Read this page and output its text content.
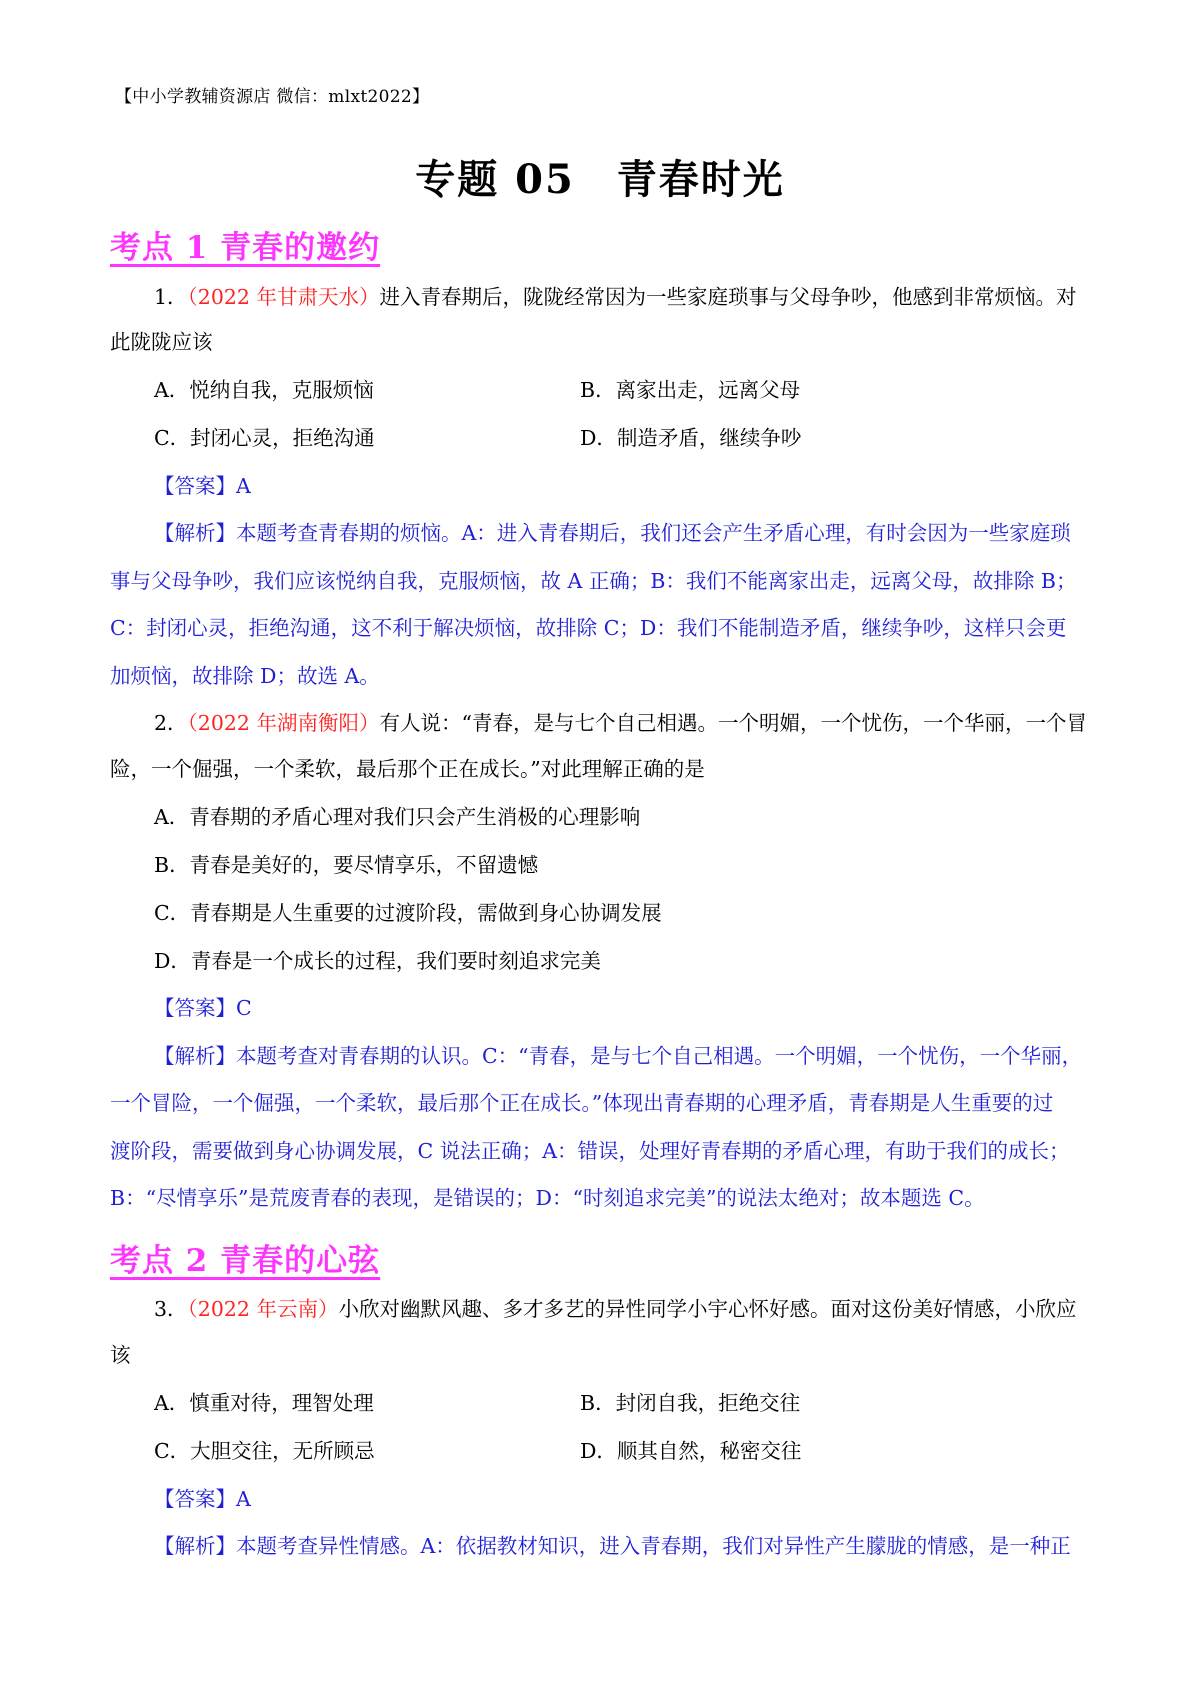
【中小学教辅资源店 微信：mlxt2022】
专题 05　青春时光
考点 1 青春的邀约
1．（2022 年甘肃天水）进入青春期后，陇陇经常因为一些家庭琐事与父母争吵，他感到非常烦恼。对
此陇陇应该
A．悦纳自我，克服烦恼	B．离家出走，远离父母
C．封闭心灵，拒绝沟通	D．制造矛盾，继续争吵
【答案】A
【解析】本题考查青春期的烦恼。A：进入青春期后，我们还会产生矛盾心理，有时会因为一些家庭琐
事与父母争吵，我们应该悦纳自我，克服烦恼，故 A 正确；B：我们不能离家出走，远离父母，故排除 B；
C：封闭心灵，拒绝沟通，这不利于解决烦恼，故排除 C；D：我们不能制造矛盾，继续争吵，这样只会更
加烦恼，故排除 D；故选 A。
2．（2022 年湖南衡阳）有人说：“青春，是与七个自己相遇。一个明媚，一个忧伤，一个华丽，一个冒
险，一个倔强，一个柔软，最后那个正在成长。”对此理解正确的是
A．青春期的矛盾心理对我们只会产生消极的心理影响
B．青春是美好的，要尽情享乐，不留遗憾
C．青春期是人生重要的过渡阶段，需做到身心协调发展
D．青春是一个成长的过程，我们要时刻追求完美
【答案】C
【解析】本题考查对青春期的认识。C：“青春，是与七个自己相遇。一个明媚，一个忧伤，一个华丽，
一个冒险，一个倔强，一个柔软，最后那个正在成长。”体现出青春期的心理矛盾，青春期是人生重要的过
渡阶段，需要做到身心协调发展，C 说法正确；A：错误，处理好青春期的矛盾心理，有助于我们的成长；
B：“尽情享乐”是荒废青春的表现，是错误的；D：“时刻追求完美”的说法太绝对；故本题选 C。
考点 2 青春的心弦
3．（2022 年云南）小欣对幽默风趣、多才多艺的异性同学小宇心怀好感。面对这份美好情感，小欣应
该
A．慎重对待，理智处理	B．封闭自我，拒绝交往
C．大胆交往，无所顾忌	D．顺其自然，秘密交往
【答案】A
【解析】本题考查异性情感。A：依据教材知识，进入青春期，我们对异性产生朦胧的情感，是一种正
